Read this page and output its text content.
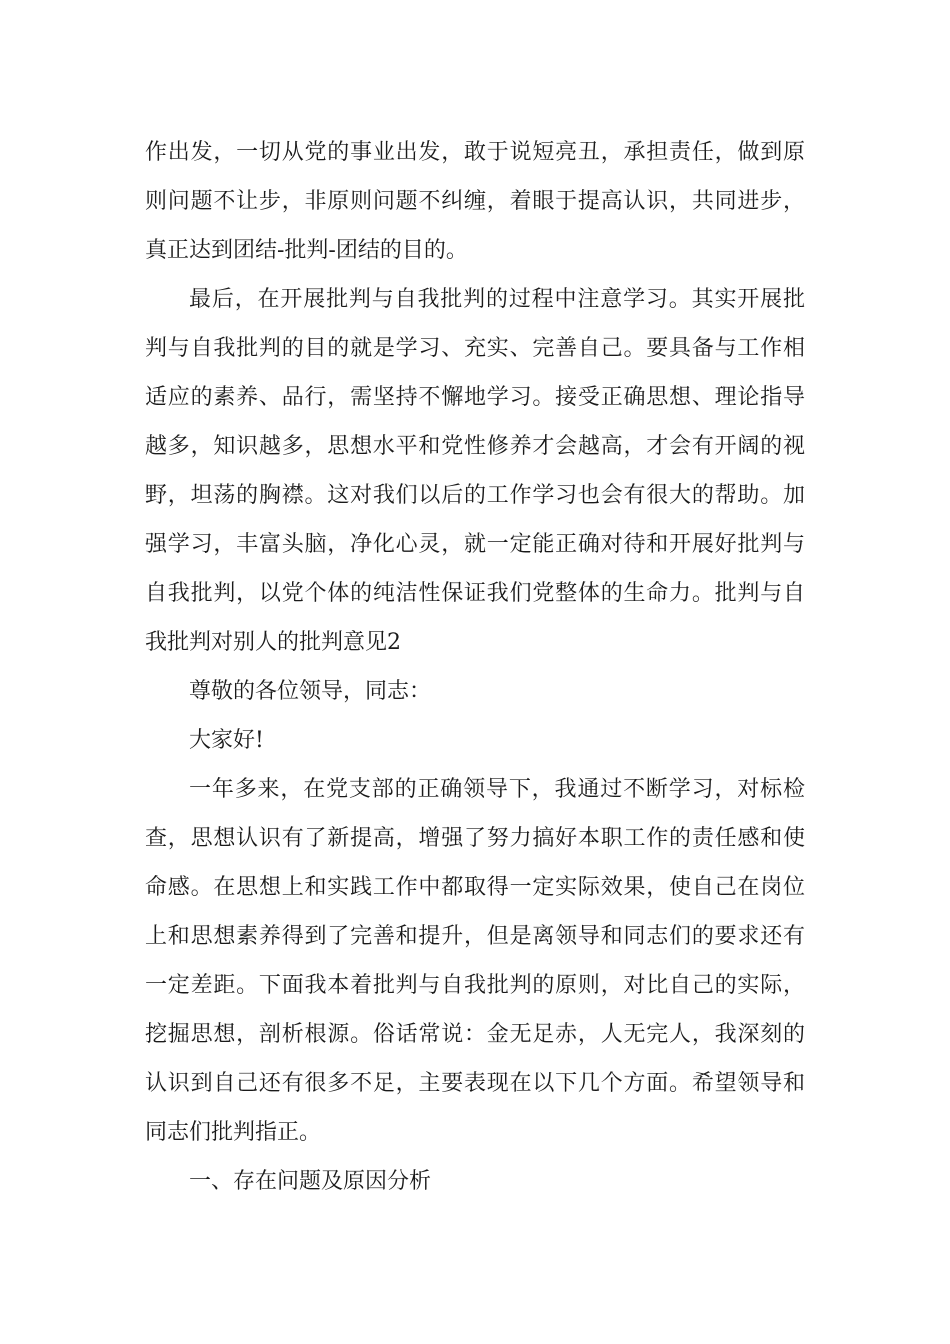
作出发，一切从党的事业出发，敢于说短亮丑，承担责任，做到原
则问题不让步，非原则问题不纠缠，着眼于提高认识，共同进步，
真正达到团结-批判-团结的目的。
最后，在开展批判与自我批判的过程中注意学习。其实开展批
判与自我批判的目的就是学习、充实、完善自己。要具备与工作相
适应的素养、品行，需坚持不懈地学习。接受正确思想、理论指导
越多，知识越多，思想水平和党性修养才会越高，才会有开阔的视
野，坦荡的胸襟。这对我们以后的工作学习也会有很大的帮助。加
强学习，丰富头脑，净化心灵，就一定能正确对待和开展好批判与
自我批判，以党个体的纯洁性保证我们党整体的生命力。批判与自
我批判对别人的批判意见2
尊敬的各位领导，同志：
大家好!
一年多来，在党支部的正确领导下，我通过不断学习，对标检
查，思想认识有了新提高，增强了努力搞好本职工作的责任感和使
命感。在思想上和实践工作中都取得一定实际效果，使自己在岗位
上和思想素养得到了完善和提升，但是离领导和同志们的要求还有
一定差距。下面我本着批判与自我批判的原则，对比自己的实际，
挖掘思想，剖析根源。俗话常说：金无足赤，人无完人，我深刻的
认识到自己还有很多不足，主要表现在以下几个方面。希望领导和
同志们批判指正。
一、存在问题及原因分析
